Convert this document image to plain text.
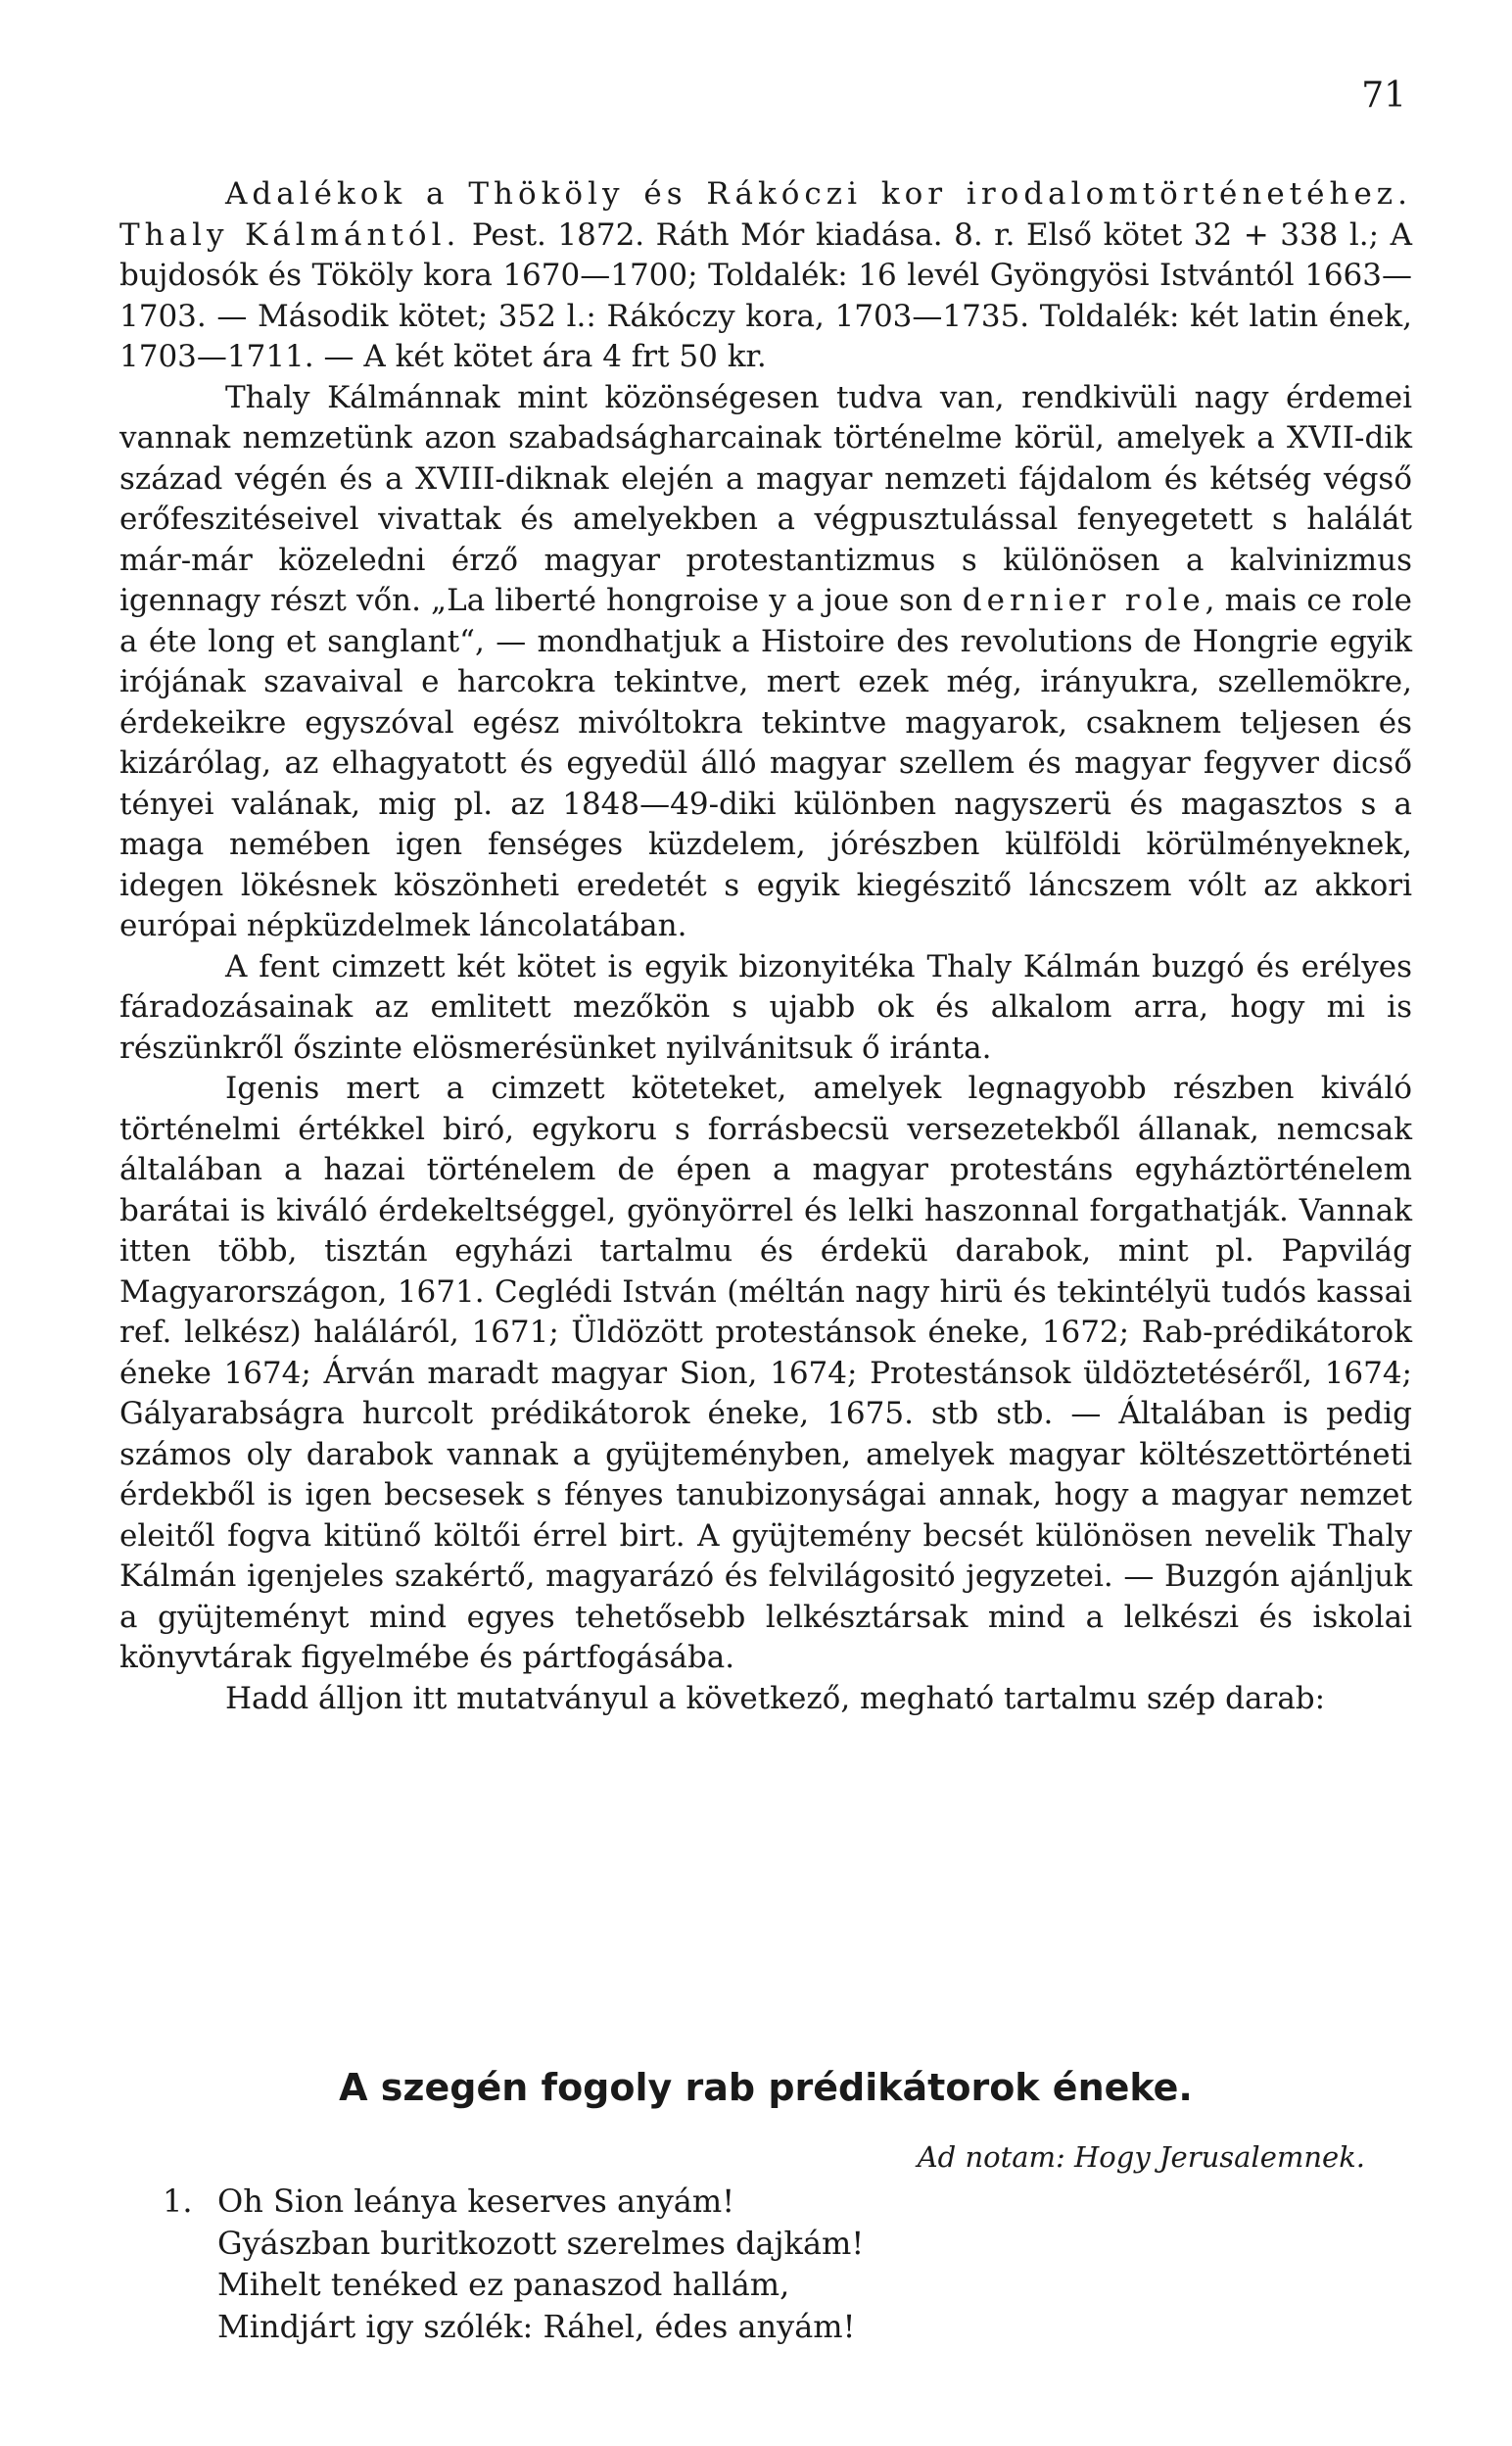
71

Adalékok a Thököly és Rákóczi kor irodalomtörténetéhez. Thaly Kálmántól. Pest. 1872. Ráth Mór kiadása. 8. r. Első kötet 32 + 338 l.; A bujdosók és Tököly kora 1670—1700; Toldalék: 16 levél Gyöngyösi Istvántól 1663—1703. — Második kötet; 352 l.: Rákóczy kora, 1703—1735. Toldalék: két latin ének, 1703—1711. — A két kötet ára 4 frt 50 kr.

Thaly Kálmánnak mint közönségesen tudva van, rendkivüli nagy érdemei vannak nemzetünk azon szabadságharcainak történelme körül, amelyek a XVII-dik század végén és a XVIII-diknak elején a magyar nemzeti fájdalom és kétség végső erőfeszitéseivel vivattak és amelyekben a végpusztulással fenyegetett s halálát már-már közeledni érző magyar protestantizmus s különösen a kalvinizmus igennagy részt vőn. „La liberté hongroise y a joue son dernier role, mais ce role a éte long et sanglant“, — mondhatjuk a Histoire des revolutions de Hongrie egyik irójának szavaival e harcokra tekintve, mert ezek még, irányukra, szellemökre, érdekeikre egyszóval egész mivóltokra tekintve magyarok, csaknem teljesen és kizárólag, az elhagyatott és egyedül álló magyar szellem és magyar fegyver dicső tényei valának, mig pl. az 1848—49-diki különben nagyszerü és magasztos s a maga nemében igen fenséges küzdelem, jórészben külföldi körülményeknek, idegen lökésnek köszönheti eredetét s egyik kiegészitő láncszem vólt az akkori európai népküzdelmek láncolatában.

A fent cimzett két kötet is egyik bizonyitéka Thaly Kálmán buzgó és erélyes fáradozásainak az emlitett mezőkön s ujabb ok és alkalom arra, hogy mi is részünkről őszinte elösmerésünket nyilvánitsuk ő iránta.

Igenis mert a cimzett köteteket, amelyek legnagyobb részben kiváló történelmi értékkel biró, egykoru s forrásbecsü versezetekből állanak, nemcsak általában a hazai történelem de épen a magyar protestáns egyháztörténelem barátai is kiváló érdekeltséggel, gyönyörrel és lelki haszonnal forgathatják. Vannak itten több, tisztán egyházi tartalmu és érdekü darabok, mint pl. Papvilág Magyarországon, 1671. Ceglédi István (méltán nagy hirü és tekintélyü tudós kassai ref. lelkész) haláláról, 1671; Üldözött protestánsok éneke, 1672; Rab-prédikátorok éneke 1674; Árván maradt magyar Sion, 1674; Protestánsok üldöztetéséről, 1674; Gályarabságra hurcolt prédikátorok éneke, 1675. stb stb. — Általában is pedig számos oly darabok vannak a gyüjteményben, amelyek magyar költészettörténeti érdekből is igen becsesek s fényes tanubizonyságai annak, hogy a magyar nemzet eleitől fogva kitünő költői érrel birt. A gyüjtemény becsét különösen nevelik Thaly Kálmán igenjeles szakértő, magyarázó és felvilágositó jegyzetei. — Buzgón ajánljuk a gyüjteményt mind egyes tehetősebb lelkésztársak mind a lelkészi és iskolai könyvtárak figyelmébe és pártfogásába.

Hadd álljon itt mutatványul a következő, megható tartalmu szép darab:

A szegén fogoly rab prédikátorok éneke.
Ad notam: Hogy Jerusalemnek.
1. Oh Sion leánya keserves anyám!
Gyászban buritkozott szerelmes dajkám!
Mihelt tenéked ez panaszod hallám,
Mindjárt igy szólék: Ráhel, édes anyám!
